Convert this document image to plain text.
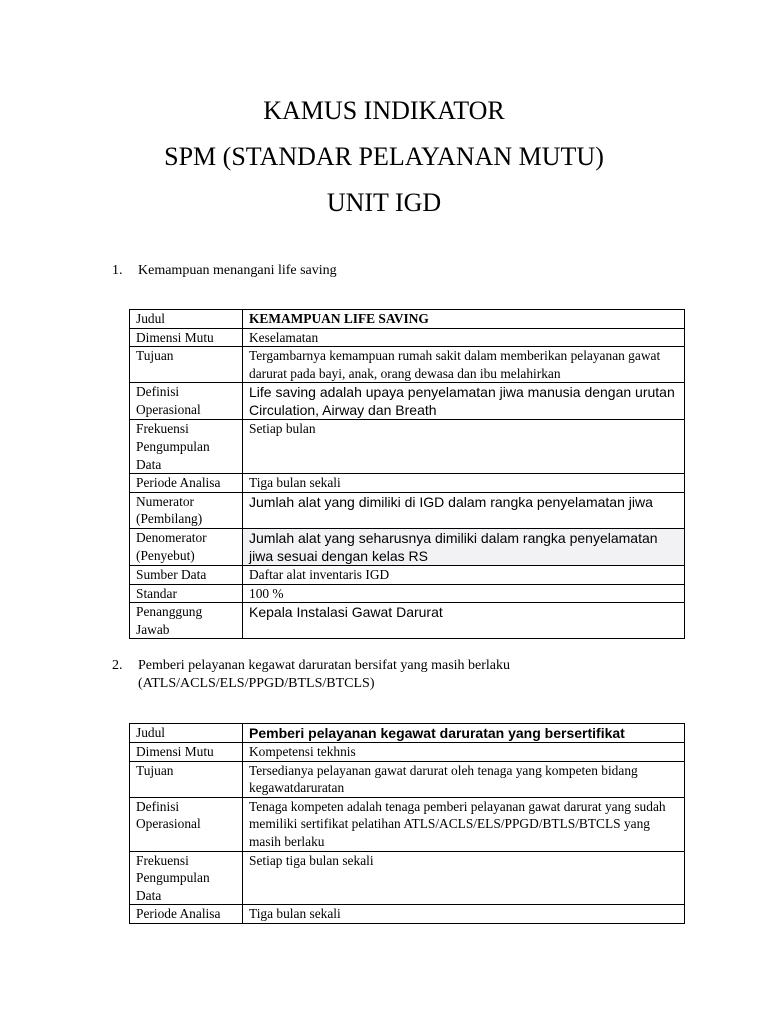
KAMUS INDIKATOR
SPM (STANDAR PELAYANAN MUTU)
UNIT IGD
1. Kemampuan menangani life saving
Judul	KEMAMPUAN LIFE SAVING
Dimensi Mutu	Keselamatan
Tujuan	Tergambarnya kemampuan rumah sakit dalam memberikan pelayanan gawat darurat pada bayi, anak, orang dewasa dan ibu melahirkan
Definisi Operasional	Life saving adalah upaya penyelamatan jiwa manusia dengan urutan Circulation, Airway dan Breath
Frekuensi Pengumpulan Data	Setiap bulan
Periode Analisa	Tiga bulan sekali
Numerator (Pembilang)	Jumlah alat yang dimiliki di IGD dalam rangka penyelamatan jiwa
Denomerator (Penyebut)	Jumlah alat yang seharusnya dimiliki dalam rangka penyelamatan jiwa sesuai dengan kelas RS
Sumber Data	Daftar alat inventaris IGD
Standar	100 %
Penanggung Jawab	Kepala Instalasi Gawat Darurat
2. Pemberi pelayanan kegawat daruratan bersifat yang masih berlaku
(ATLS/ACLS/ELS/PPGD/BTLS/BTCLS)
Judul	Pemberi pelayanan kegawat daruratan yang bersertifikat
Dimensi Mutu	Kompetensi tekhnis
Tujuan	Tersedianya pelayanan gawat darurat oleh tenaga yang kompeten bidang kegawatdaruratan
Definisi Operasional	Tenaga kompeten adalah tenaga pemberi pelayanan gawat darurat yang sudah memiliki sertifikat pelatihan ATLS/ACLS/ELS/PPGD/BTLS/BTCLS yang masih berlaku
Frekuensi Pengumpulan Data	Setiap tiga bulan sekali
Periode Analisa	Tiga bulan sekali
